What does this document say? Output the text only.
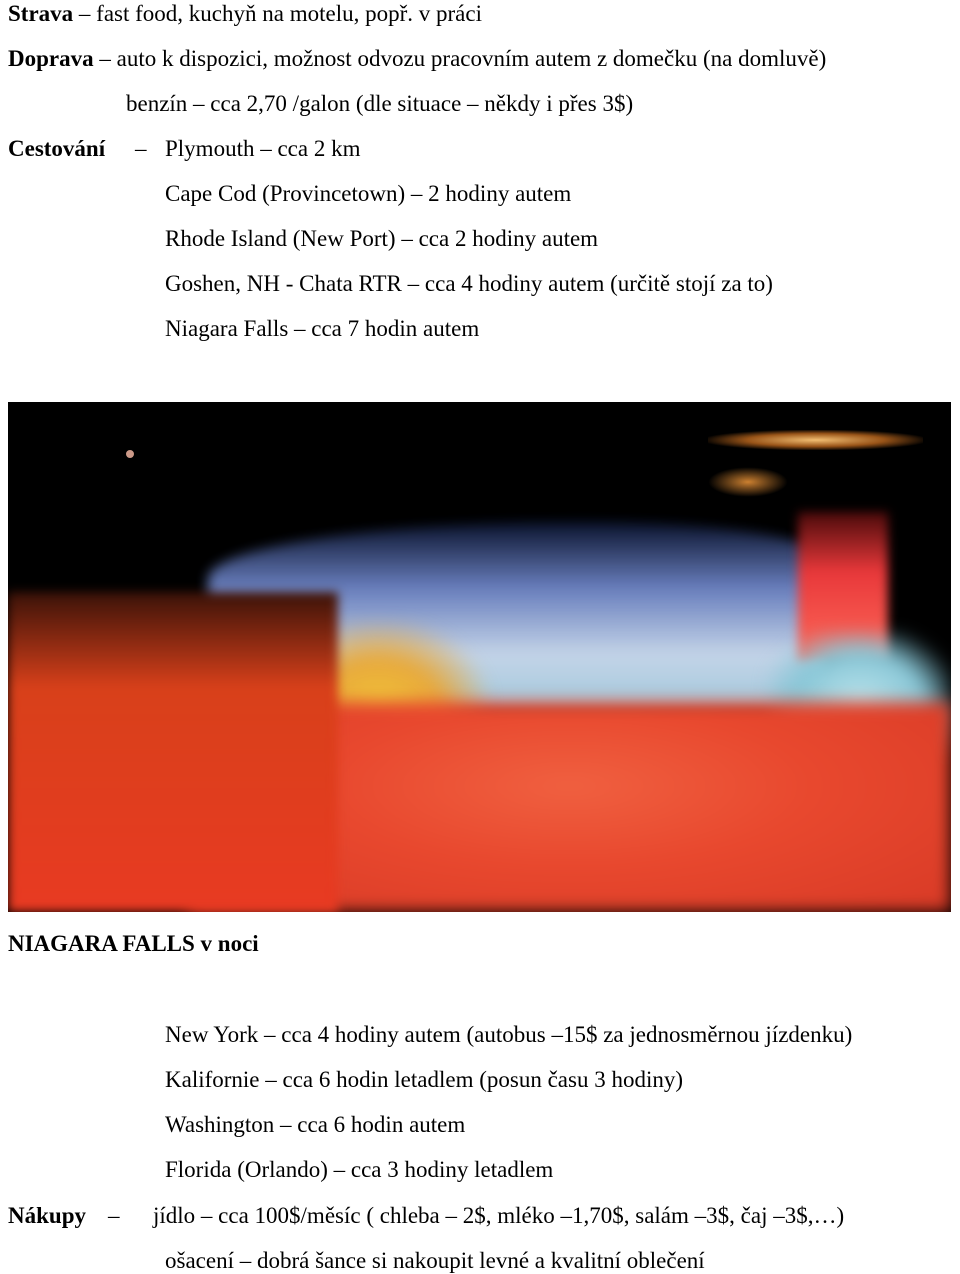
Strava – fast food, kuchyň na motelu, popř. v práci
Doprava – auto k dispozici, možnost odvozu pracovním autem z domečku (na domluvě)
benzín – cca 2,70 /galon (dle situace – někdy i přes 3$)
Cestování – Plymouth – cca 2 km
Cape Cod (Provincetown) – 2 hodiny autem
Rhode Island (New Port) – cca 2 hodiny autem
Goshen, NH - Chata RTR – cca 4 hodiny autem (určitě stojí za to)
Niagara Falls – cca 7 hodin autem
NIAGARA FALLS v noci
New York – cca 4 hodiny autem (autobus –15$ za jednosměrnou jízdenku)
Kalifornie – cca 6 hodin letadlem (posun času 3 hodiny)
Washington – cca 6 hodin autem
Florida (Orlando) – cca 3 hodiny letadlem
Nákupy – jídlo – cca 100$/měsíc ( chleba – 2$, mléko –1,70$, salám –3$, čaj –3$,…)
ošacení – dobrá šance si nakoupit levné a kvalitní oblečení
